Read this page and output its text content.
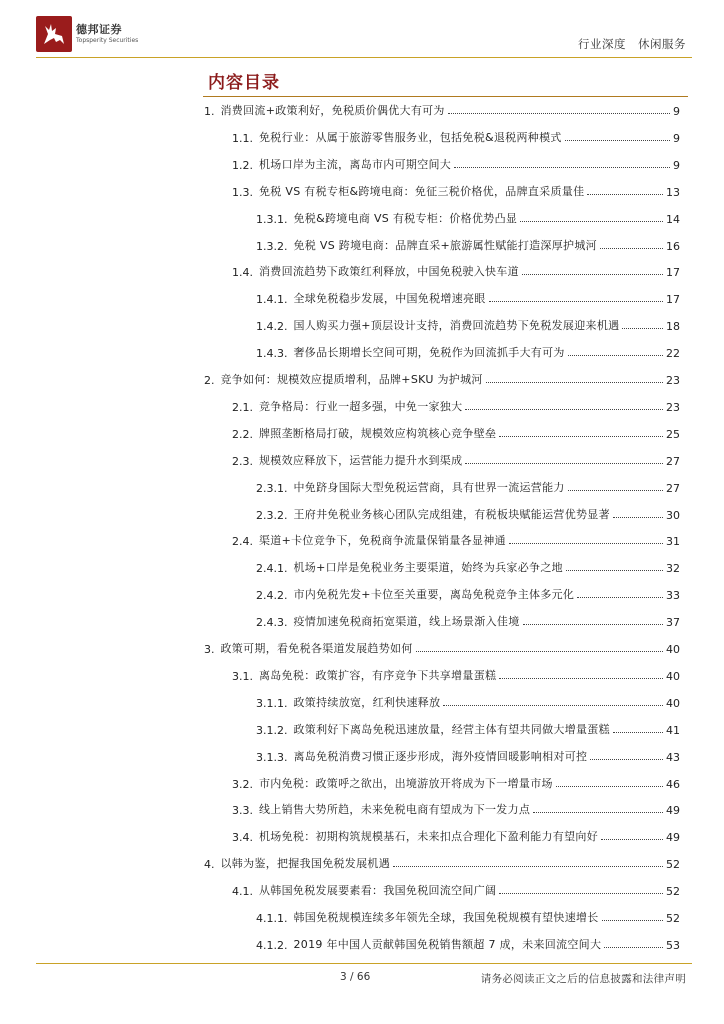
德邦证券
Topsperity Securities	行业深度 休闲服务
内容目录
1. 消费回流+政策利好，免税质价偶优大有可为	9
1.1. 免税行业：从属于旅游零售服务业，包括免税&退税两种模式	9
1.2. 机场口岸为主流，离岛市内可期空间大	9
1.3. 免税 VS 有税专柜&跨境电商：免征三税价格优，品牌直采质量佳	13
1.3.1. 免税&跨境电商 VS 有税专柜：价格优势凸显	14
1.3.2. 免税 VS 跨境电商：品牌直采+旅游属性赋能打造深厚护城河	16
1.4. 消费回流趋势下政策红利释放，中国免税驶入快车道	17
1.4.1. 全球免税稳步发展，中国免税增速亮眼	17
1.4.2. 国人购买力强+顶层设计支持，消费回流趋势下免税发展迎来机遇	18
1.4.3. 奢侈品长期增长空间可期，免税作为回流抓手大有可为	22
2. 竞争如何：规模效应提质增利，品牌+SKU 为护城河	23
2.1. 竞争格局：行业一超多强，中免一家独大	23
2.2. 牌照垄断格局打破，规模效应构筑核心竞争壁垒	25
2.3. 规模效应释放下，运营能力提升水到渠成	27
2.3.1. 中免跻身国际大型免税运营商，具有世界一流运营能力	27
2.3.2. 王府井免税业务核心团队完成组建，有税板块赋能运营优势显著	30
2.4. 渠道+卡位竞争下，免税商争流量保销量各显神通	31
2.4.1. 机场+口岸是免税业务主要渠道，始终为兵家必争之地	32
2.4.2. 市内免税先发+卡位至关重要，离岛免税竞争主体多元化	33
2.4.3. 疫情加速免税商拓宽渠道，线上场景渐入佳境	37
3. 政策可期，看免税各渠道发展趋势如何	40
3.1. 离岛免税：政策扩容，有序竞争下共享增量蛋糕	40
3.1.1. 政策持续放宽，红利快速释放	40
3.1.2. 政策利好下离岛免税迅速放量，经营主体有望共同做大增量蛋糕	41
3.1.3. 离岛免税消费习惯正逐步形成，海外疫情回暖影响相对可控	43
3.2. 市内免税：政策呼之欲出，出境游放开将成为下一增量市场	46
3.3. 线上销售大势所趋，未来免税电商有望成为下一发力点	49
3.4. 机场免税：初期构筑规模基石，未来扣点合理化下盈利能力有望向好	49
4. 以韩为鉴，把握我国免税发展机遇	52
4.1. 从韩国免税发展要素看：我国免税回流空间广阔	52
4.1.1. 韩国免税规模连续多年领先全球，我国免税规模有望快速增长	52
4.1.2. 2019 年中国人贡献韩国免税销售额超 7 成，未来回流空间大	53
3 / 66	请务必阅读正文之后的信息披露和法律声明
